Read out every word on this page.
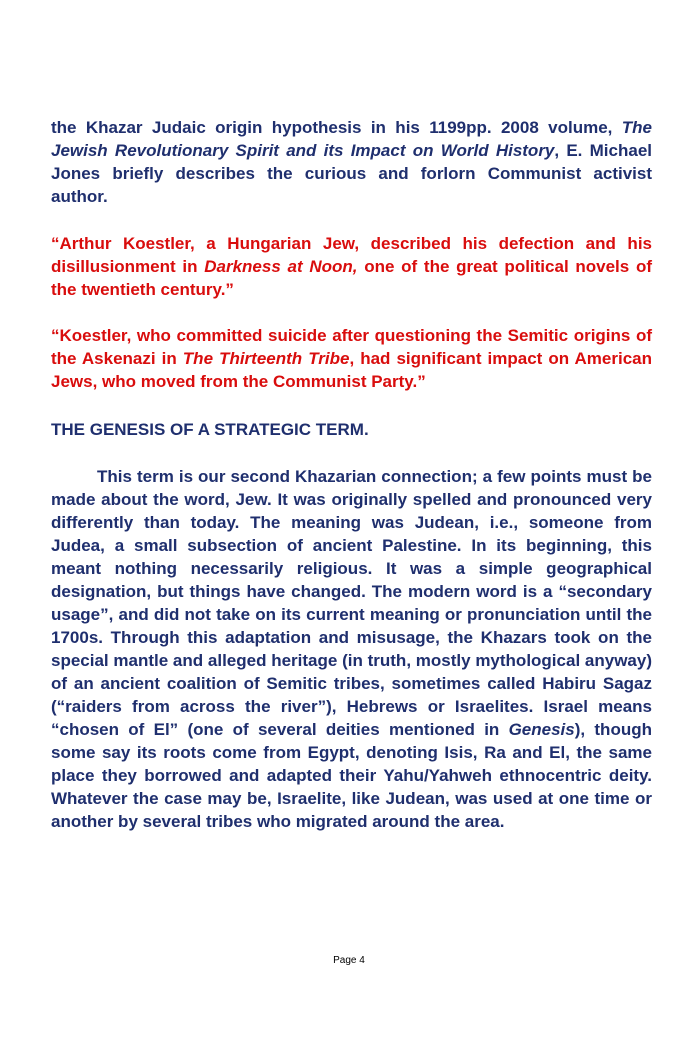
the Khazar Judaic origin hypothesis in his 1199pp. 2008 volume, The Jewish Revolutionary Spirit and its Impact on World History, E. Michael Jones briefly describes the curious and forlorn Communist activist author.

“Arthur Koestler, a Hungarian Jew, described his defection and his disillusionment in Darkness at Noon, one of the great political novels of the twentieth century.”

“Koestler, who committed suicide after questioning the Semitic origins of the Askenazi in The Thirteenth Tribe, had significant impact on American Jews, who moved from the Communist Party.”

THE GENESIS OF A STRATEGIC TERM.

This term is our second Khazarian connection; a few points must be made about the word, Jew. It was originally spelled and pronounced very differently than today. The meaning was Judean, i.e., someone from Judea, a small subsection of ancient Palestine. In its beginning, this meant nothing necessarily religious. It was a simple geographical designation, but things have changed. The modern word is a “secondary usage”, and did not take on its current meaning or pronunciation until the 1700s. Through this adaptation and misusage, the Khazars took on the special mantle and alleged heritage (in truth, mostly mythological anyway) of an ancient coalition of Semitic tribes, sometimes called Habiru Sagaz (“raiders from across the river”), Hebrews or Israelites. Israel means “chosen of El” (one of several deities mentioned in Genesis), though some say its roots come from Egypt, denoting Isis, Ra and El, the same place they borrowed and adapted their Yahu/Yahweh ethnocentric deity. Whatever the case may be, Israelite, like Judean, was used at one time or another by several tribes who migrated around the area.

Page 4
